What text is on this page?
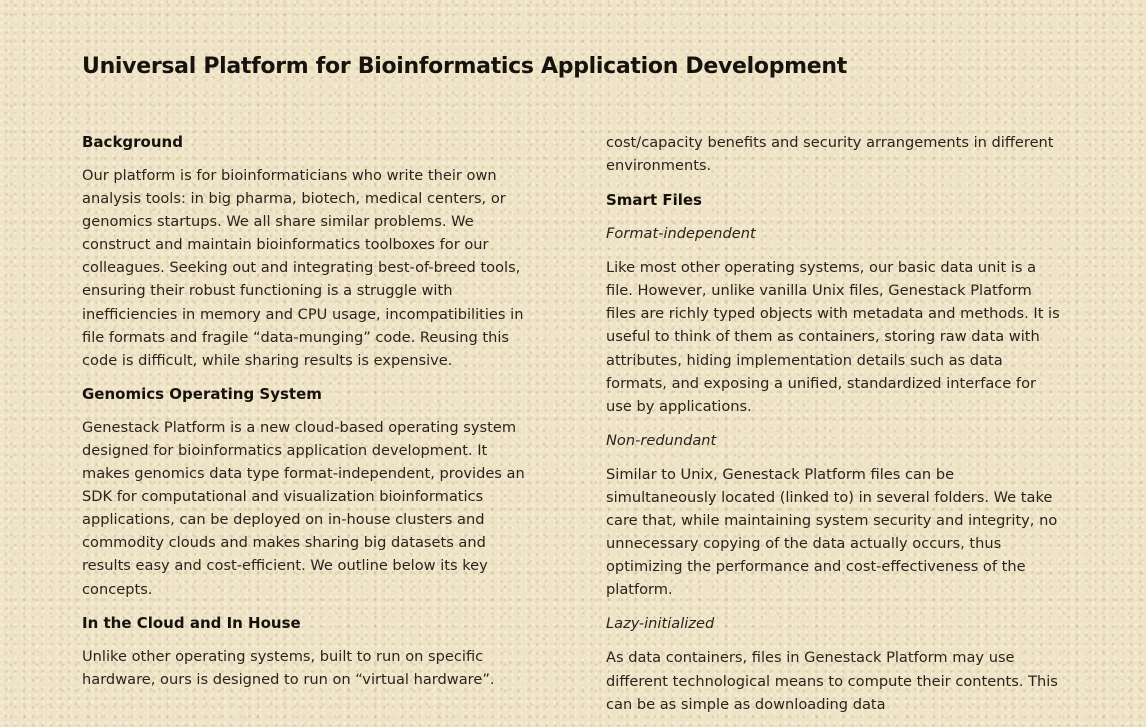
Universal Platform for Bioinformatics Application Development
Background

Our platform is for bioinformaticians who write their own analysis tools: in big pharma, biotech, medical centers, or genomics startups. We all share similar problems. We construct and maintain bioinformatics toolboxes for our colleagues. Seeking out and integrating best-of-breed tools, ensuring their robust functioning is a struggle with inefficiencies in memory and CPU usage, incompatibilities in file formats and fragile “data-munging” code. Reusing this code is difficult, while sharing results is expensive.

Genomics Operating System

Genestack Platform is a new cloud-based operating system designed for bioinformatics application development. It makes genomics data type format-independent, provides an SDK for computational and visualization bioinformatics applications, can be deployed on in-house clusters and commodity clouds and makes sharing big datasets and results easy and cost-efficient. We outline below its key concepts.

In the Cloud and In House

Unlike other operating systems, built to run on specific hardware, ours is designed to run on “virtual hardware”.

cost/capacity benefits and security arrangements in different environments.

Smart Files
Format-independent

Like most other operating systems, our basic data unit is a file. However, unlike vanilla Unix files, Genestack Platform files are richly typed objects with metadata and methods. It is useful to think of them as containers, storing raw data with attributes, hiding implementation details such as data formats, and exposing a unified, standardized interface for use by applications.

Non-redundant

Similar to Unix, Genestack Platform files can be simultaneously located (linked to) in several folders. We take care that, while maintaining system security and integrity, no unnecessary copying of the data actually occurs, thus optimizing the performance and cost-effectiveness of the platform.

Lazy-initialized

As data containers, files in Genestack Platform may use different technological means to compute their contents. This can be as simple as downloading data
